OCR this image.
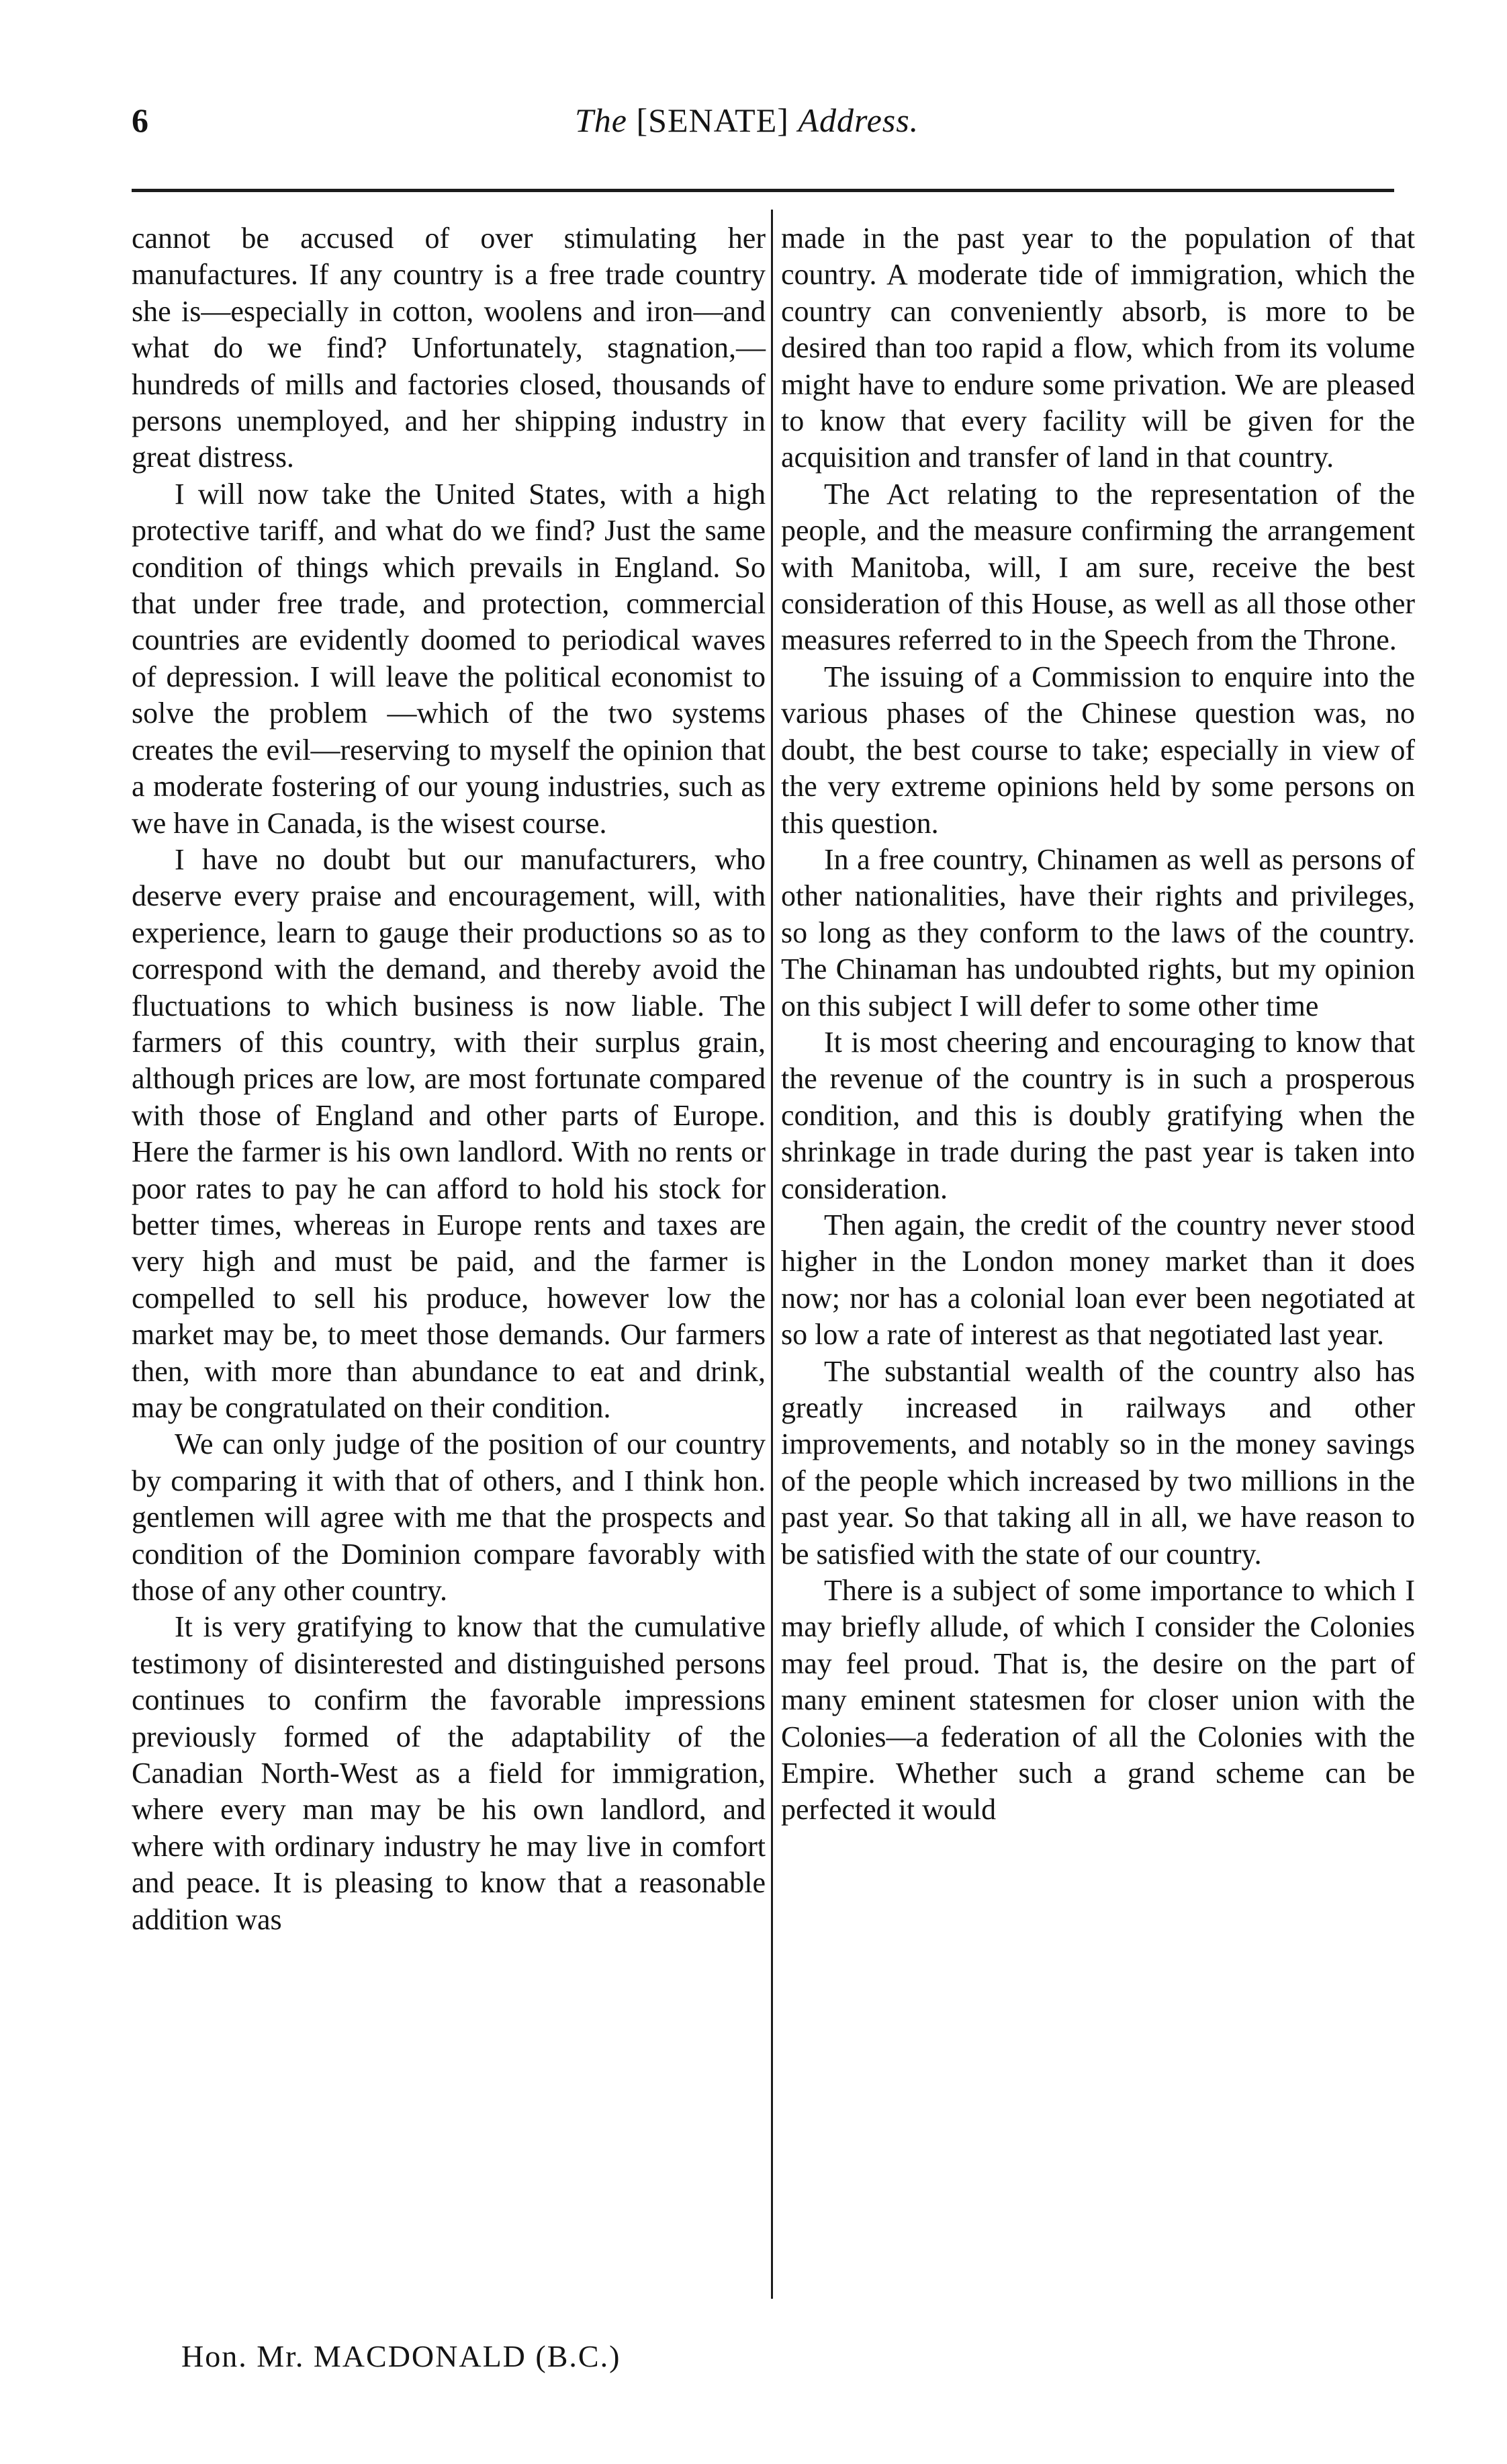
6	The [SENATE] Address.

cannot be accused of over stimulating her manufactures. If any country is a free trade country she is—especially in cotton, woolens and iron—and what do we find? Unfortunately, stagnation,—hundreds of mills and factories closed, thousands of persons unemployed, and her shipping industry in great distress.

I will now take the United States, with a high protective tariff, and what do we find? Just the same condition of things which prevails in England. So that under free trade, and protection, commercial countries are evidently doomed to periodical waves of depression. I will leave the political economist to solve the problem —which of the two systems creates the evil—reserving to myself the opinion that a moderate fostering of our young industries, such as we have in Canada, is the wisest course.

I have no doubt but our manufacturers, who deserve every praise and encouragement, will, with experience, learn to gauge their productions so as to correspond with the demand, and thereby avoid the fluctuations to which business is now liable. The farmers of this country, with their surplus grain, although prices are low, are most fortunate compared with those of England and other parts of Europe. Here the farmer is his own landlord. With no rents or poor rates to pay he can afford to hold his stock for better times, whereas in Europe rents and taxes are very high and must be paid, and the farmer is compelled to sell his produce, however low the market may be, to meet those demands. Our farmers then, with more than abundance to eat and drink, may be congratulated on their condition.

We can only judge of the position of our country by comparing it with that of others, and I think hon. gentlemen will agree with me that the prospects and condition of the Dominion compare favorably with those of any other country.

It is very gratifying to know that the cumulative testimony of disinterested and distinguished persons continues to confirm the favorable impressions previously formed of the adaptability of the Canadian North-West as a field for immigration, where every man may be his own landlord, and where with ordinary industry he may live in comfort and peace. It is pleasing to know that a reasonable addition was

made in the past year to the population of that country. A moderate tide of immigration, which the country can conveniently absorb, is more to be desired than too rapid a flow, which from its volume might have to endure some privation. We are pleased to know that every facility will be given for the acquisition and transfer of land in that country.

The Act relating to the representation of the people, and the measure confirming the arrangement with Manitoba, will, I am sure, receive the best consideration of this House, as well as all those other measures referred to in the Speech from the Throne.

The issuing of a Commission to enquire into the various phases of the Chinese question was, no doubt, the best course to take; especially in view of the very extreme opinions held by some persons on this question.

In a free country, Chinamen as well as persons of other nationalities, have their rights and privileges, so long as they conform to the laws of the country. The Chinaman has undoubted rights, but my opinion on this subject I will defer to some other time

It is most cheering and encouraging to know that the revenue of the country is in such a prosperous condition, and this is doubly gratifying when the shrinkage in trade during the past year is taken into consideration.

Then again, the credit of the country never stood higher in the London money market than it does now; nor has a colonial loan ever been negotiated at so low a rate of interest as that negotiated last year.

The substantial wealth of the country also has greatly increased in railways and other improvements, and notably so in the money savings of the people which increased by two millions in the past year. So that taking all in all, we have reason to be satisfied with the state of our country.

There is a subject of some importance to which I may briefly allude, of which I consider the Colonies may feel proud. That is, the desire on the part of many eminent statesmen for closer union with the Colonies—a federation of all the Colonies with the Empire. Whether such a grand scheme can be perfected it would

Hon. Mr. MACDONALD (B.C.)
